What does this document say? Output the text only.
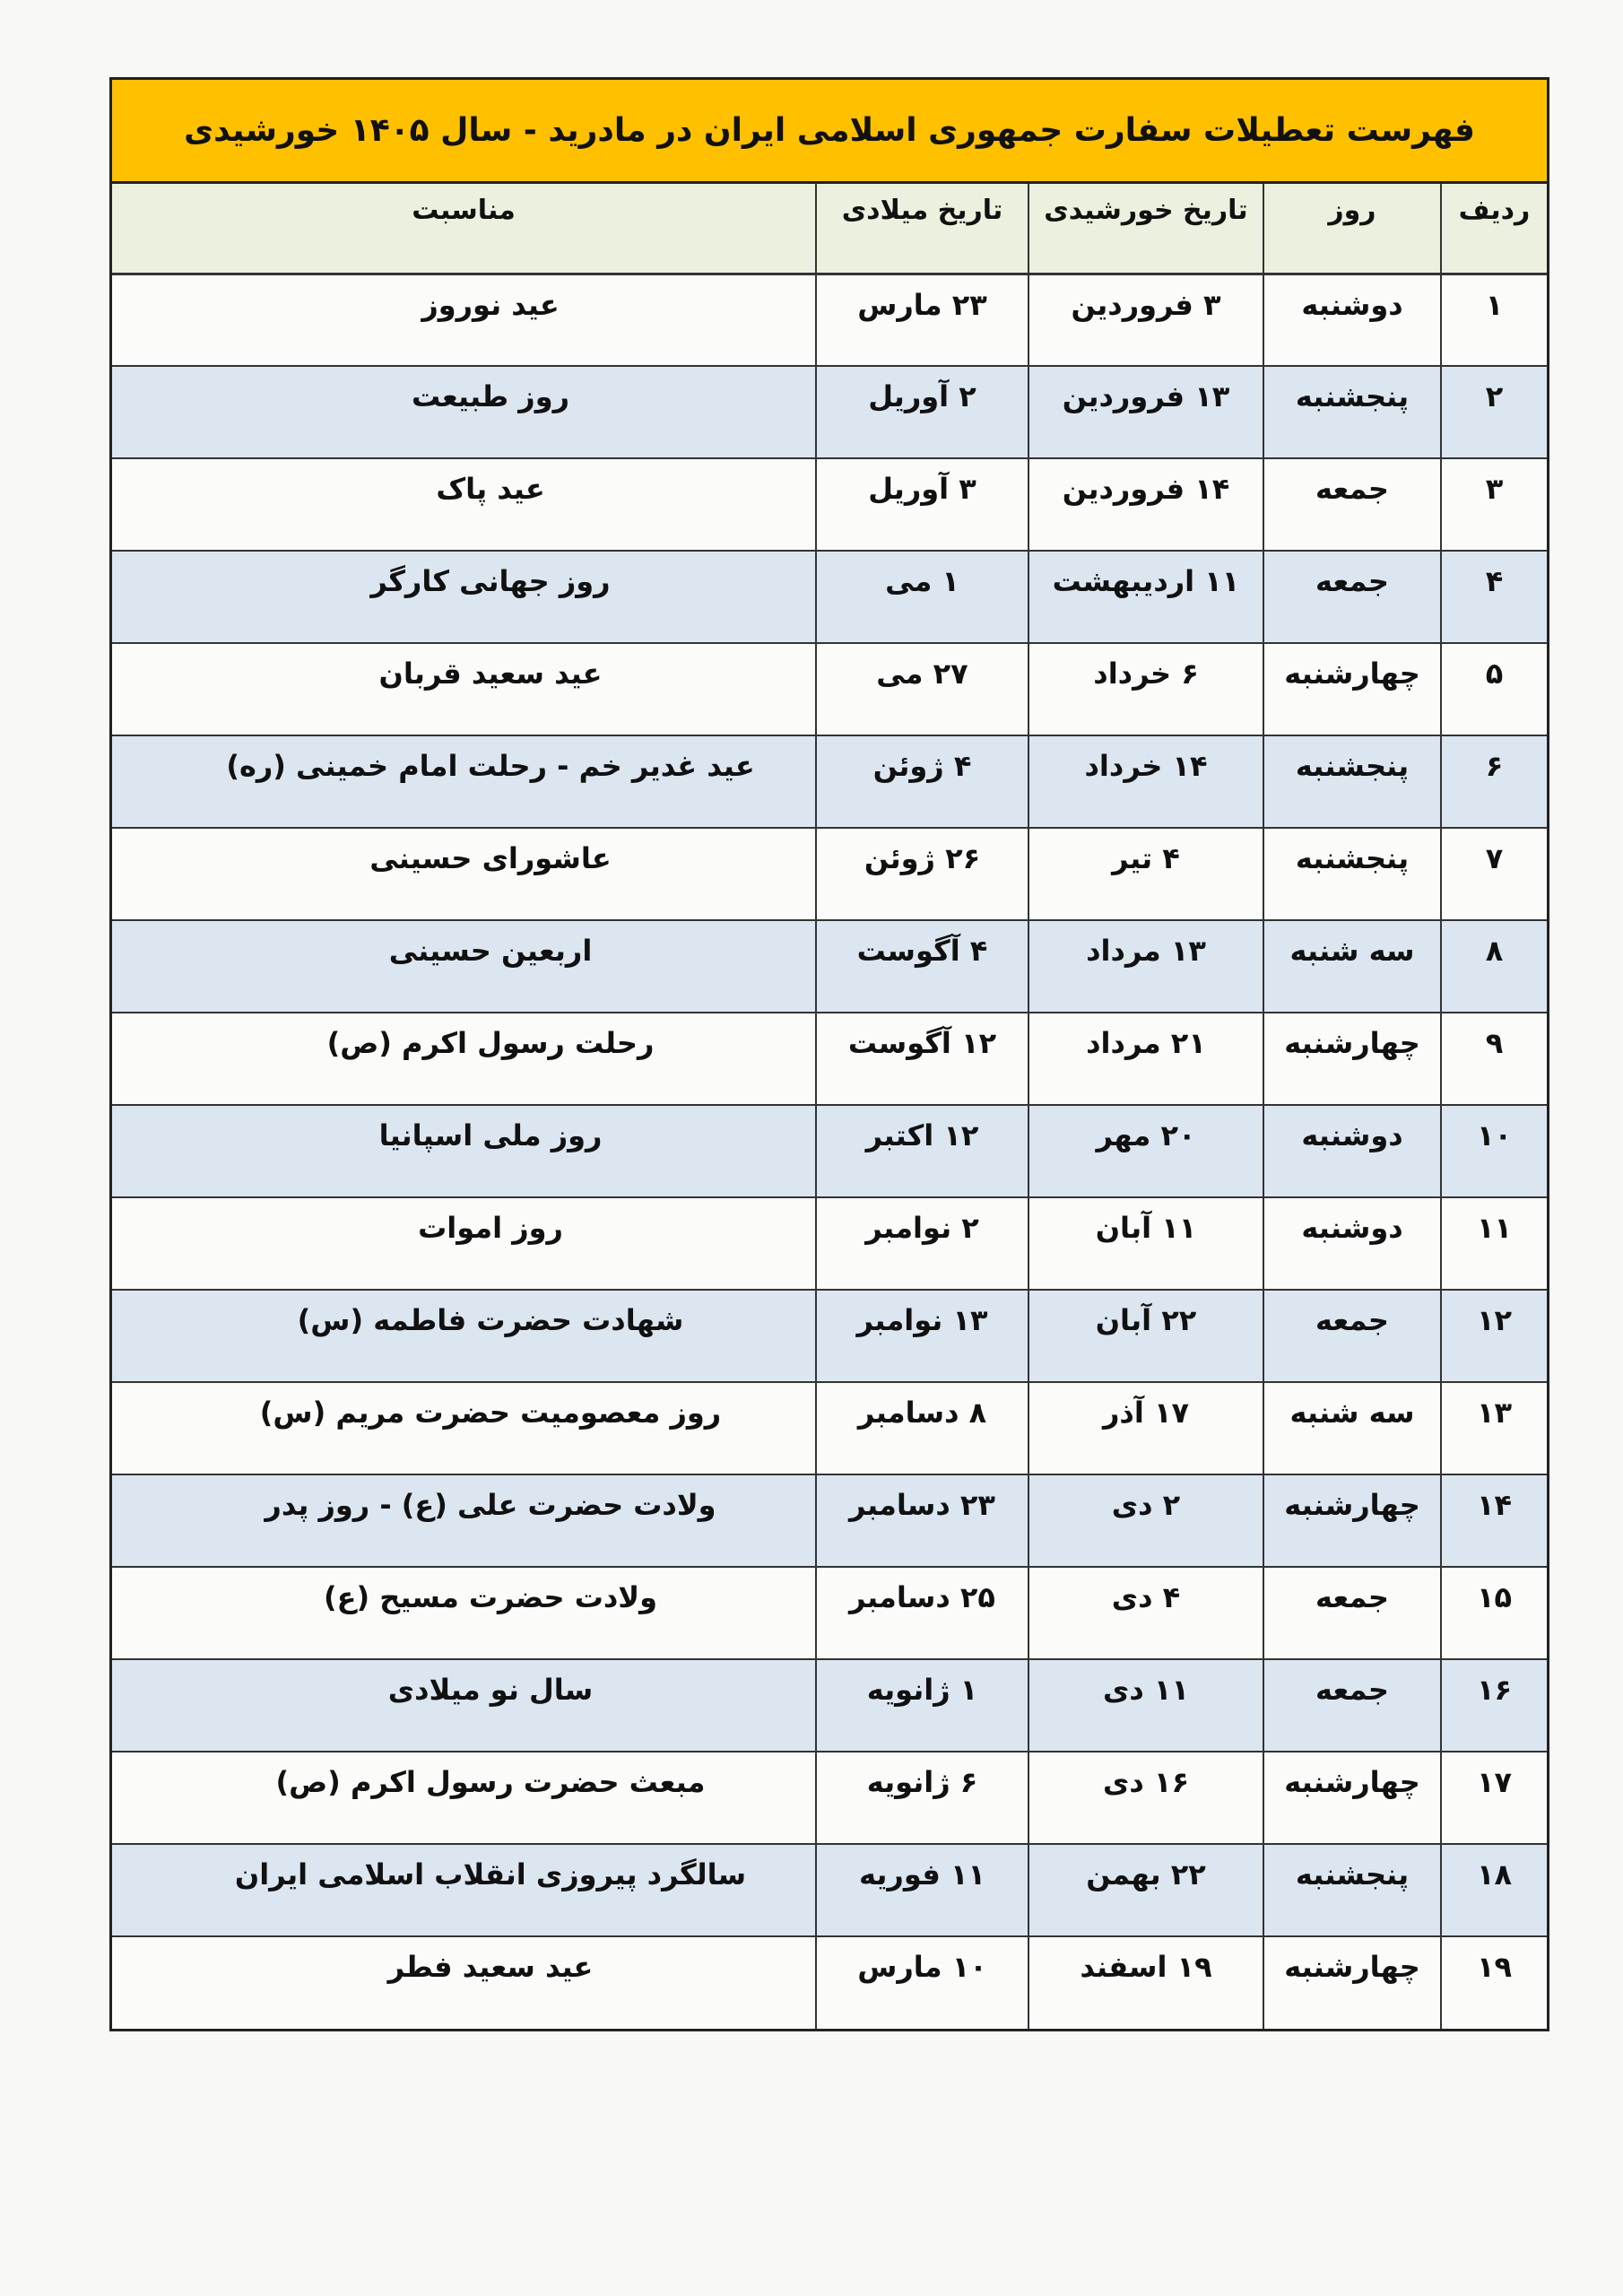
فهرست تعطیلات سفارت جمهوری اسلامی ایران در مادرید - سال ۱۴۰۵ خورشیدی
ردیف	روز	تاریخ خورشیدی	تاریخ میلادی	مناسبت
۱	دوشنبه	۳ فروردین	۲۳ مارس	عید نوروز
۲	پنجشنبه	۱۳ فروردین	۲ آوریل	روز طبیعت
۳	جمعه	۱۴ فروردین	۳ آوریل	عید پاک
۴	جمعه	۱۱ اردیبهشت	۱ می	روز جهانی کارگر
۵	چهارشنبه	۶ خرداد	۲۷ می	عید سعید قربان
۶	پنجشنبه	۱۴ خرداد	۴ ژوئن	عید غدیر خم - رحلت امام خمینی (ره)
۷	پنجشنبه	۴ تیر	۲۶ ژوئن	عاشورای حسینی
۸	سه شنبه	۱۳ مرداد	۴ آگوست	اربعین حسینی
۹	چهارشنبه	۲۱ مرداد	۱۲ آگوست	رحلت رسول اکرم (ص)
۱۰	دوشنبه	۲۰ مهر	۱۲ اکتبر	روز ملی اسپانیا
۱۱	دوشنبه	۱۱ آبان	۲ نوامبر	روز اموات
۱۲	جمعه	۲۲ آبان	۱۳ نوامبر	شهادت حضرت فاطمه (س)
۱۳	سه شنبه	۱۷ آذر	۸ دسامبر	روز معصومیت حضرت مریم (س)
۱۴	چهارشنبه	۲ دی	۲۳ دسامبر	ولادت حضرت علی (ع) - روز پدر
۱۵	جمعه	۴ دی	۲۵ دسامبر	ولادت حضرت مسیح (ع)
۱۶	جمعه	۱۱ دی	۱ ژانویه	سال نو میلادی
۱۷	چهارشنبه	۱۶ دی	۶ ژانویه	مبعث حضرت رسول اکرم (ص)
۱۸	پنجشنبه	۲۲ بهمن	۱۱ فوریه	سالگرد پیروزی انقلاب اسلامی ایران
۱۹	چهارشنبه	۱۹ اسفند	۱۰ مارس	عید سعید فطر
